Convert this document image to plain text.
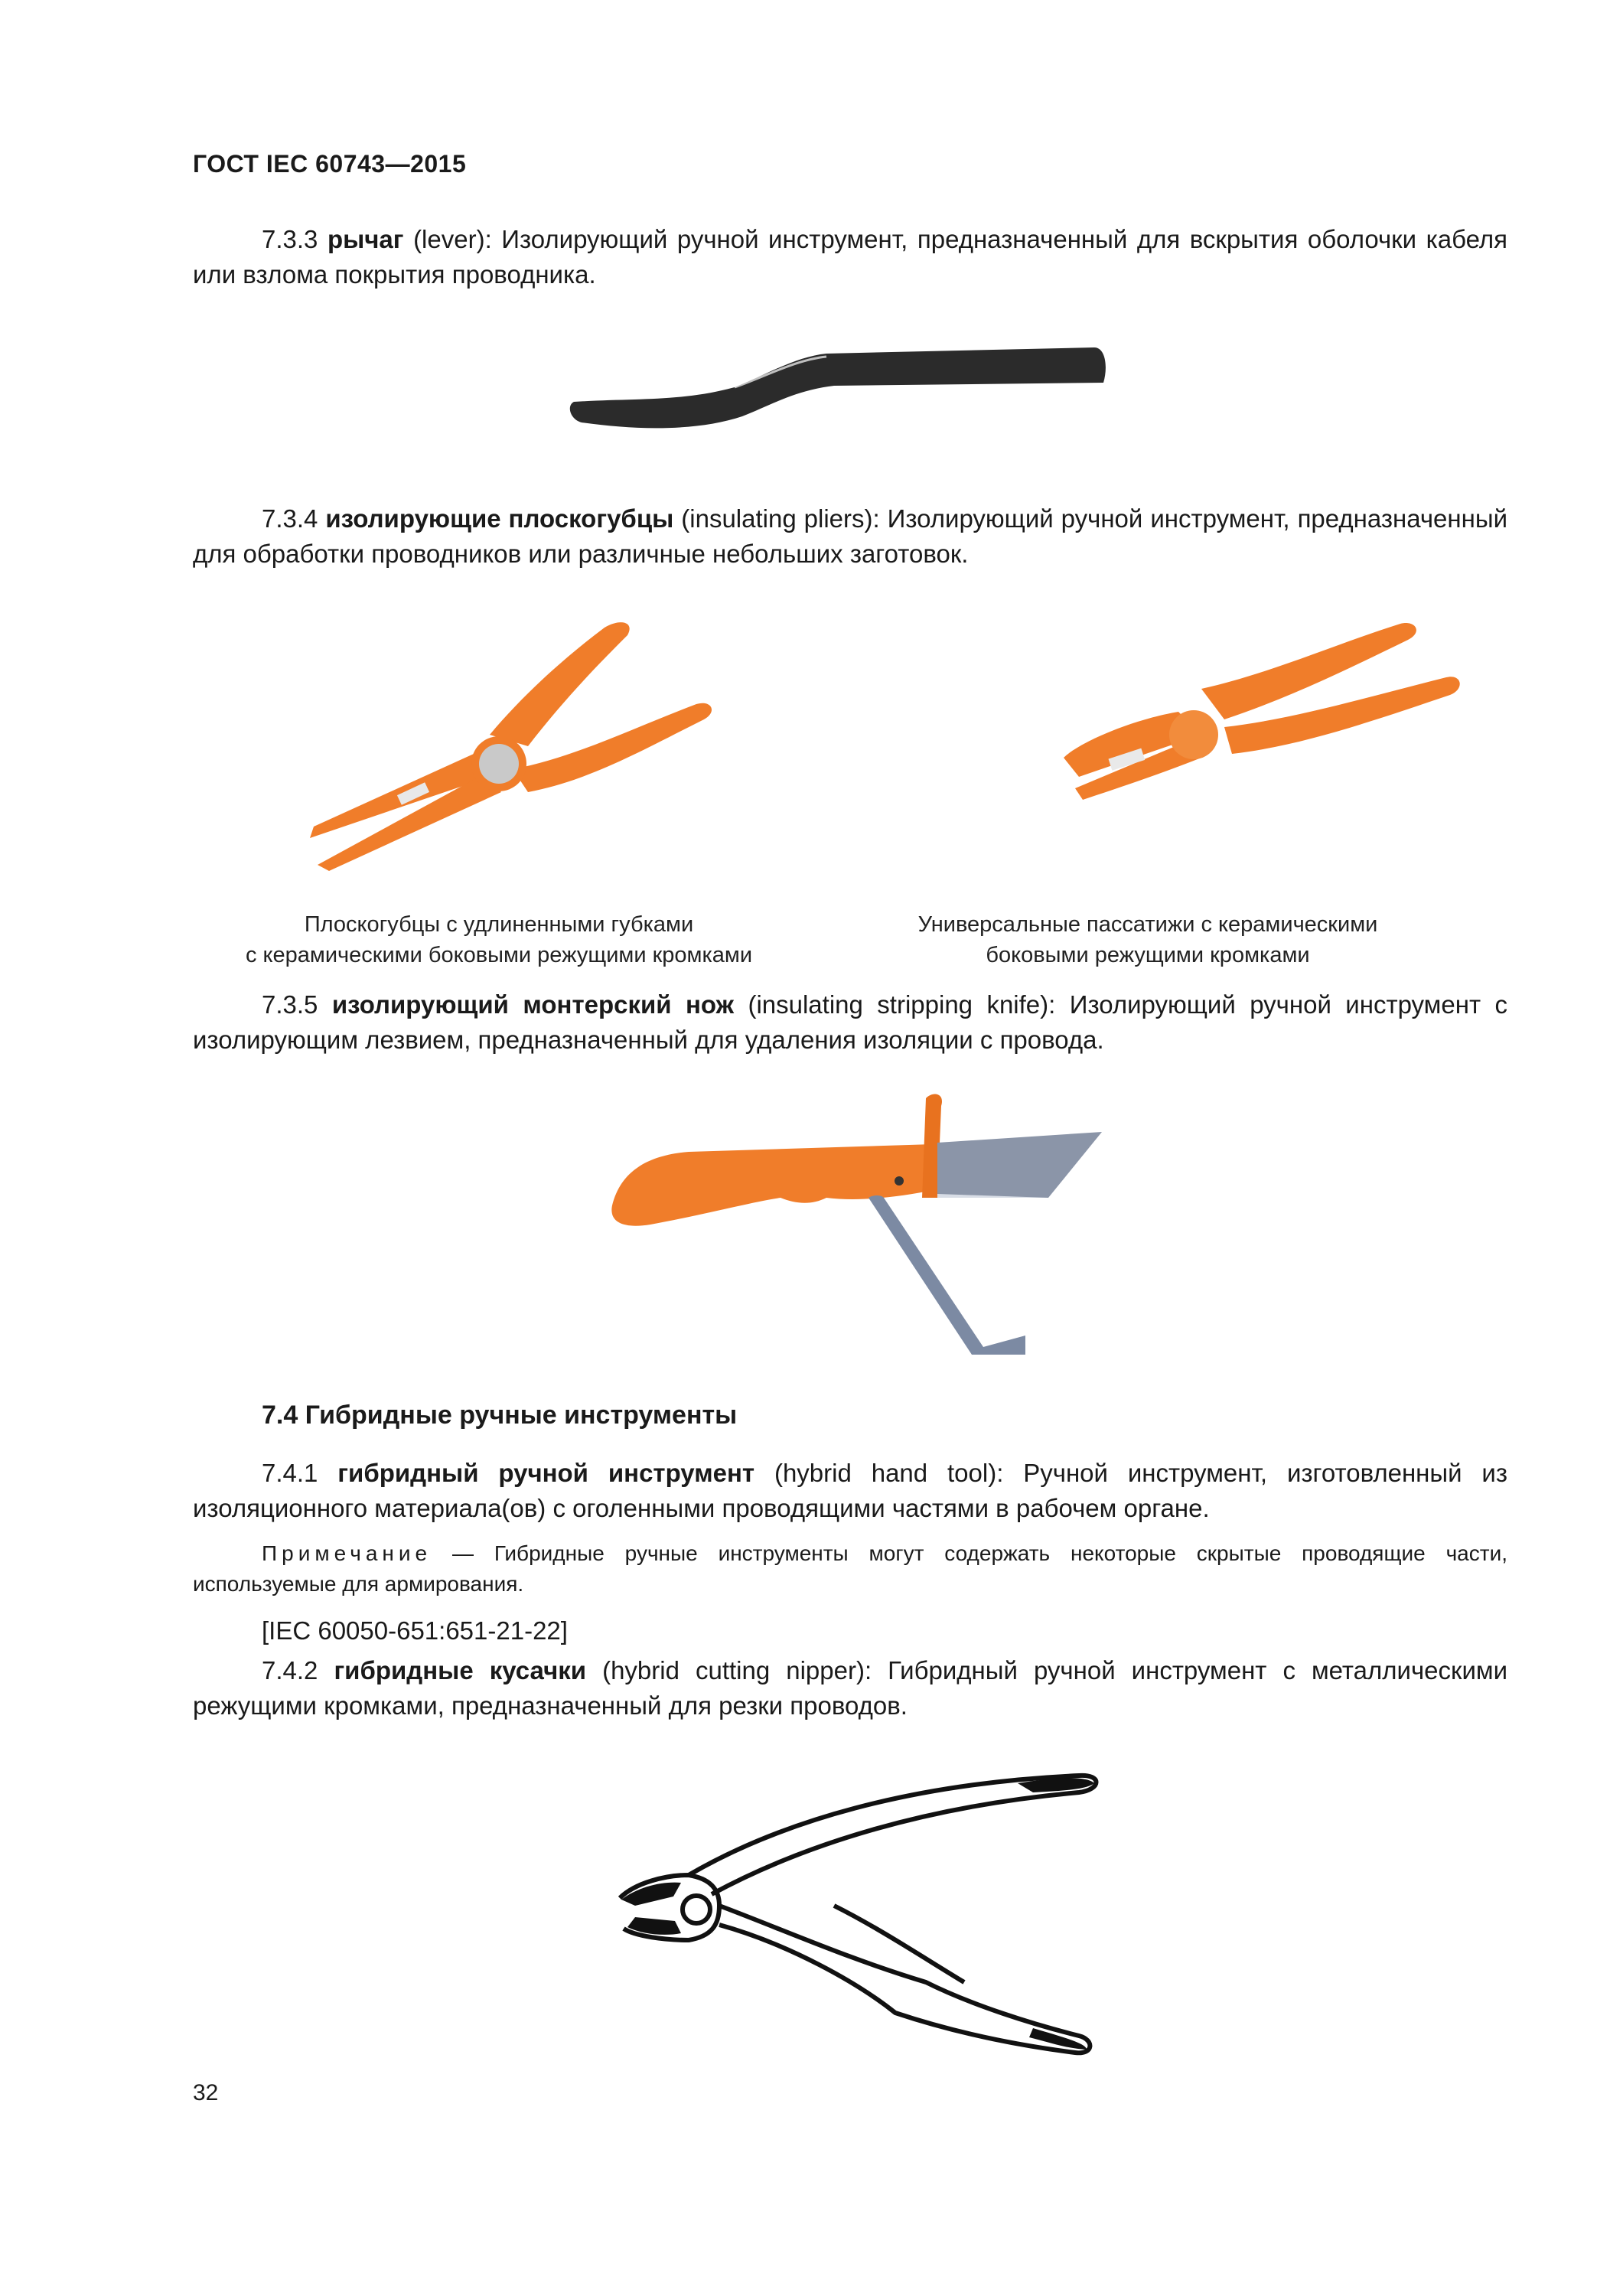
ГОСТ IEC 60743—2015
7.3.3 рычаг (lever): Изолирующий ручной инструмент, предназначенный для вскрытия оболочки кабеля или взлома покрытия проводника.
7.3.4 изолирующие плоскогубцы (insulating pliers): Изолирующий ручной инструмент, предназначенный для обработки проводников или различные небольших заготовок.
Плоскогубцы с удлиненными губками
с керамическими боковыми режущими кромками
Универсальные пассатижи с керамическими
боковыми режущими кромками
7.3.5 изолирующий монтерский нож (insulating stripping knife): Изолирующий ручной инструмент с изолирующим лезвием, предназначенный для удаления изоляции с провода.
7.4 Гибридные ручные инструменты
7.4.1 гибридный ручной инструмент (hybrid hand tool): Ручной инструмент, изготовленный из изоляционного материала(ов) с оголенными проводящими частями в рабочем органе.
Примечание — Гибридные ручные инструменты могут содержать некоторые скрытые проводящие части, используемые для армирования.
[IEC 60050-651:651-21-22]
7.4.2 гибридные кусачки (hybrid cutting nipper): Гибридный ручной инструмент с металлическими режущими кромками, предназначенный для резки проводов.
32
